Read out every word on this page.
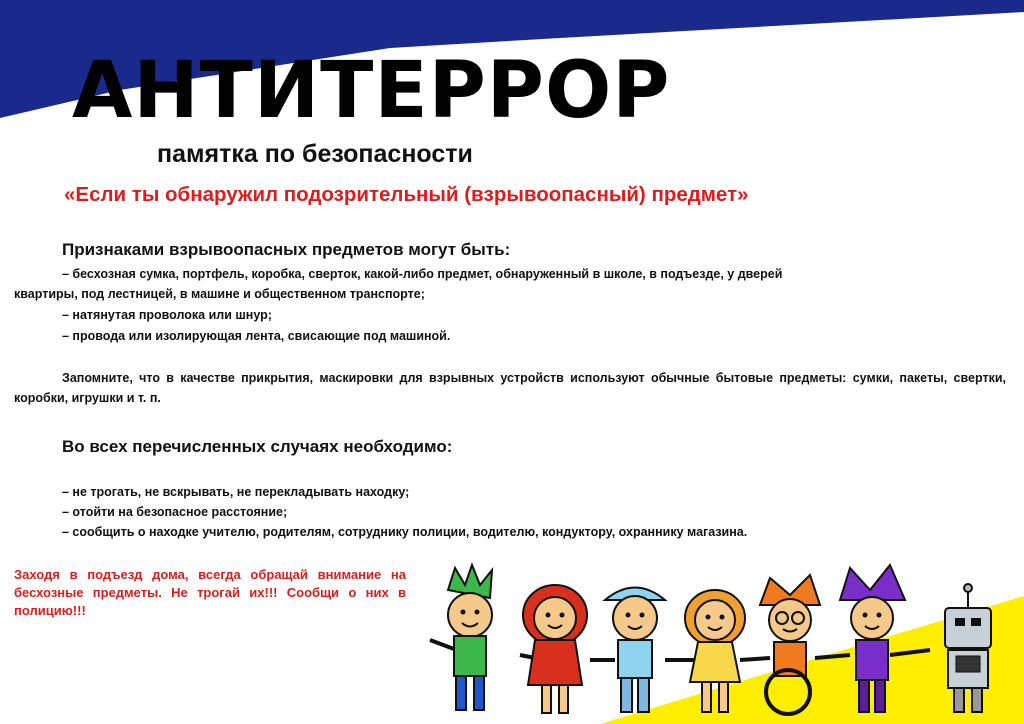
АНТИТЕРРОР
памятка по безопасности
«Если ты обнаружил подозрительный (взрывоопасный) предмет»
Признаками взрывоопасных предметов могут быть:
– бесхозная сумка, портфель, коробка, сверток, какой-либо предмет, обнаруженный в школе, в подъезде, у дверей
квартиры, под лестницей, в машине и общественном транспорте;
– натянутая проволока или шнур;
– провода или изолирующая лента, свисающие под машиной.
Запомните, что в качестве прикрытия, маскировки для взрывных устройств используют обычные бытовые предметы: сумки, пакеты, свертки, коробки, игрушки и т. п.
Во всех перечисленных случаях необходимо:
– не трогать, не вскрывать, не перекладывать находку;
– отойти на безопасное расстояние;
– сообщить о находке учителю, родителям, сотруднику полиции, водителю, кондуктору, охраннику магазина.
Заходя в подъезд дома, всегда обращай внимание на бесхозные предметы. Не трогай их!!! Сообщи о них в полицию!!!
